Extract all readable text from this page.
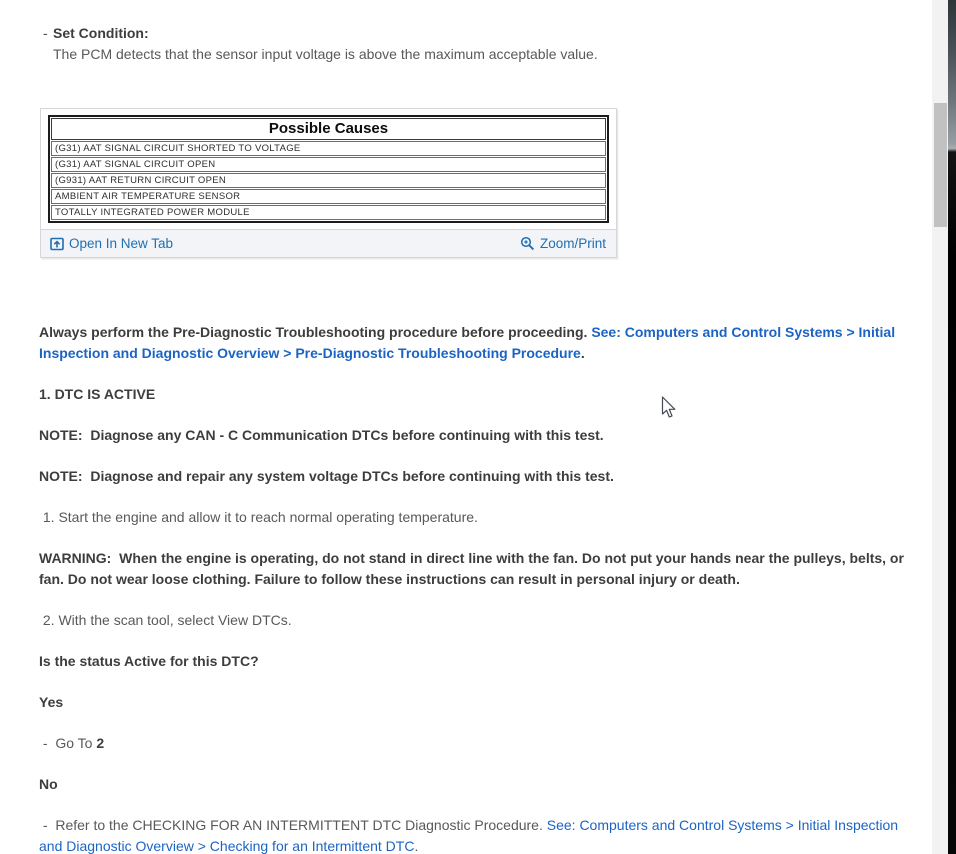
- Set Condition:
The PCM detects that the sensor input voltage is above the maximum acceptable value.
Possible Causes
(G31) AAT SIGNAL CIRCUIT SHORTED TO VOLTAGE
(G31) AAT SIGNAL CIRCUIT OPEN
(G931) AAT RETURN CIRCUIT OPEN
AMBIENT AIR TEMPERATURE SENSOR
TOTALLY INTEGRATED POWER MODULE
Open In New Tab	Zoom/Print

Always perform the Pre-Diagnostic Troubleshooting procedure before proceeding. See: Computers and Control Systems > Initial Inspection and Diagnostic Overview > Pre-Diagnostic Troubleshooting Procedure.

1. DTC IS ACTIVE

NOTE:  Diagnose any CAN - C Communication DTCs before continuing with this test.

NOTE:  Diagnose and repair any system voltage DTCs before continuing with this test.

1. Start the engine and allow it to reach normal operating temperature.

WARNING:  When the engine is operating, do not stand in direct line with the fan. Do not put your hands near the pulleys, belts, or fan. Do not wear loose clothing. Failure to follow these instructions can result in personal injury or death.

2. With the scan tool, select View DTCs.

Is the status Active for this DTC?

Yes

-  Go To 2

No

-  Refer to the CHECKING FOR AN INTERMITTENT DTC Diagnostic Procedure. See: Computers and Control Systems > Initial Inspection and Diagnostic Overview > Checking for an Intermittent DTC.
